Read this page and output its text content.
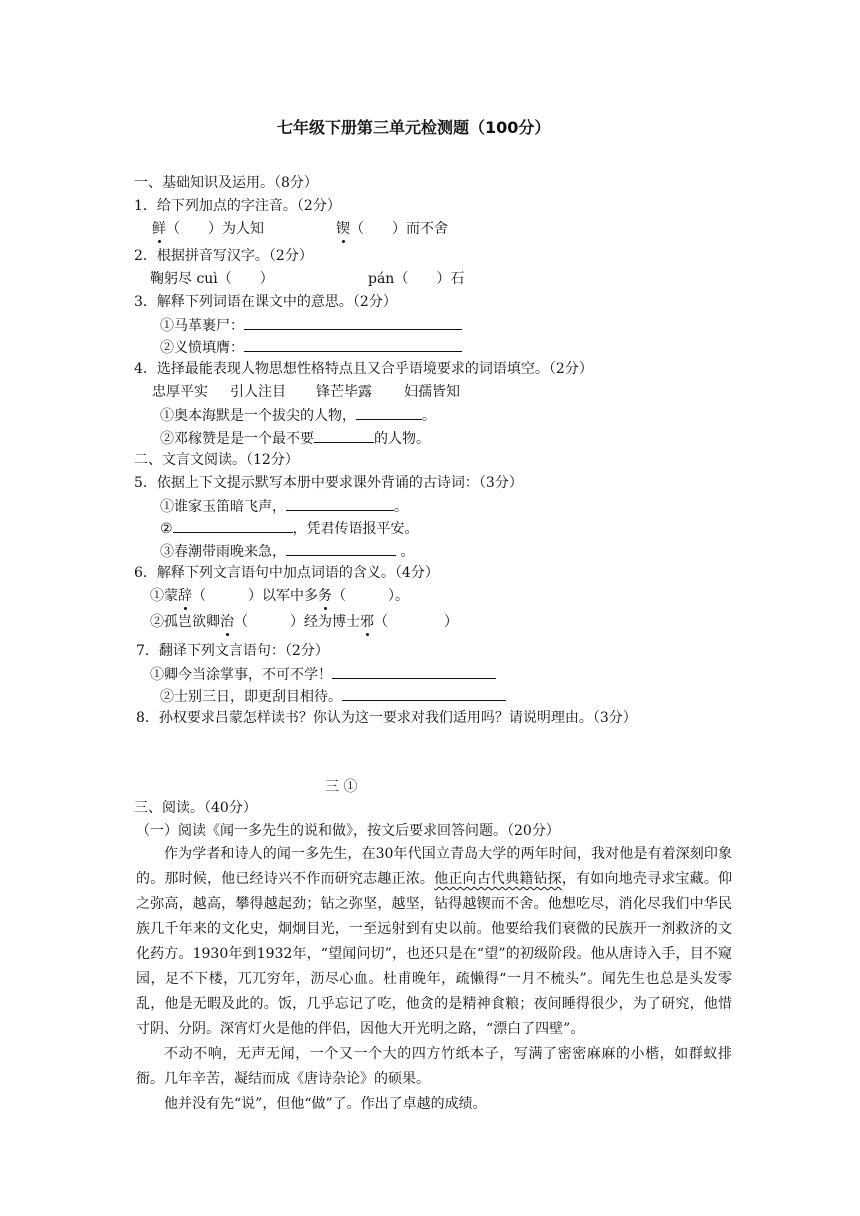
七年级下册第三单元检测题（100分）
一、基础知识及运用。（8分）
1．给下列加点的字注音。（2分）
鲜（　　）为人知	锲（　　）而不舍
2．根据拼音写汉字。（2分）
鞠躬尽 cuì（　　）	pán（　　）石
3．解释下列词语在课文中的意思。（2分）
①马革裹尸：
②义愤填膺：
4．选择最能表现人物思想性格特点且又合乎语境要求的词语填空。（2分）
忠厚平实 引人注目 锋芒毕露 妇孺皆知
①奥本海默是一个拔尖的人物，	。
②邓稼赞是是一个最不要	的人物。
二、文言文阅读。（12分）
5．依据上下文提示默写本册中要求课外背诵的古诗词：（3分）
①谁家玉笛暗飞声，	。
②	，凭君传语报平安。
③春潮带雨晚来急，	。
6．解释下列文言语句中加点词语的含义。（4分）
①蒙辞（　　　）以军中多务（　　　）。
②孤岂欲卿治（　　　）经为博士邪（　　　　）
7．翻译下列文言语句：（2分）
①卿今当涂掌事，不可不学！
②士别三日，即更刮目相待。
8．孙权要求吕蒙怎样读书？你认为这一要求对我们适用吗？请说明理由。（3分）
三 ①
三、阅读。（40分）
（一）阅读《闻一多先生的说和做》，按文后要求回答问题。（20分）

作为学者和诗人的闻一多先生，在30年代国立青岛大学的两年时间，我对他是有着深刻印象的。那时候，他已经诗兴不作而研究志趣正浓。他正向古代典籍钻探，有如向地壳寻求宝藏。仰之弥高，越高，攀得越起劲；钻之弥坚，越坚，钻得越锲而不舍。他想吃尽，消化尽我们中华民族几千年来的文化史，炯炯目光，一至远射到有史以前。他要给我们衰微的民族开一剂救济的文化药方。1930年到1932年，“望闻问切”，也还只是在“望”的初级阶段。他从唐诗入手，目不窥园，足不下楼，兀兀穷年，沥尽心血。杜甫晚年，疏懒得“一月不梳头”。闻先生也总是头发零乱，他是无暇及此的。饭，几乎忘记了吃，他贪的是精神食粮；夜间睡得很少，为了研究，他惜寸阴、分阴。深宵灯火是他的伴侣，因他大开光明之路，“漂白了四壁”。

不动不响，无声无闻，一个又一个大的四方竹纸本子，写满了密密麻麻的小楷，如群蚁排衙。几年辛苦，凝结而成《唐诗杂论》的硕果。

他并没有先“说”，但他“做”了。作出了卓越的成绩。
